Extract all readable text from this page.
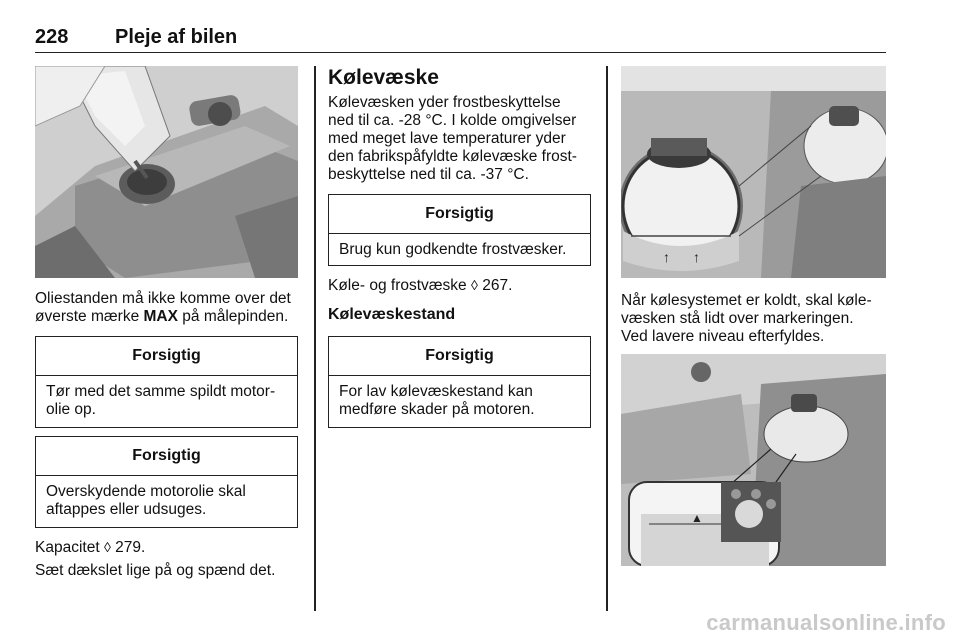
228 Pleje af bilen

Oliestanden må ikke komme over det
øverste mærke MAX på målepinden.

Forsigtig
Tør med det samme spildt motor-
olie op.
Forsigtig
Overskydende motorolie skal
aftappes eller udsuges.

Kapacitet ◊ 279.

Sæt dækslet lige på og spænd det.

Kølevæske

Kølevæsken yder frostbeskyttelse
ned til ca. -28 °C. I kolde omgivelser
med meget lave temperaturer yder
den fabrikspåfyldte kølevæske frost-
beskyttelse ned til ca. -37 °C.

Forsigtig
Brug kun godkendte frostvæsker.

Køle- og frostvæske ◊ 267.

Kølevæskestand
Forsigtig
For lav kølevæskestand kan
medføre skader på motoren.
↑ ↑

Når kølesystemet er koldt, skal køle-
væsken stå lidt over markeringen.
Ved lavere niveau efterfyldes.

▲
carmanualsonline.info
